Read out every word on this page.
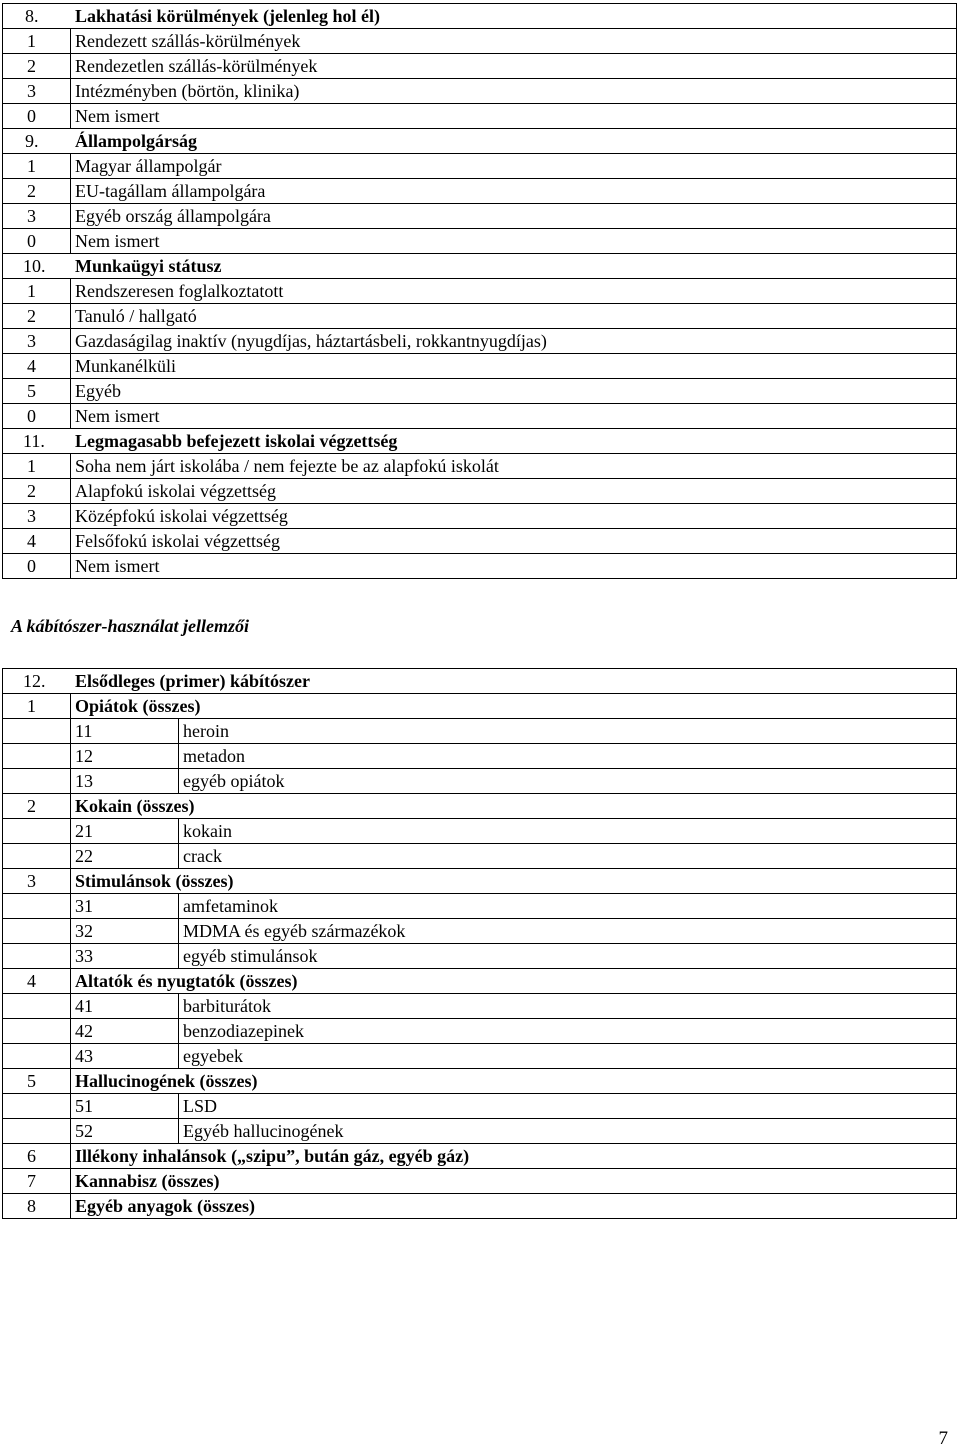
8. Lakhatási körülmények (jelenleg hol él)		
1	Rendezett szállás-körülmények	
2	Rendezetlen szállás-körülmények	
3	Intézményben (börtön, klinika)	
0	Nem ismert	
9. Állampolgárság		
1	Magyar állampolgár	
2	EU-tagállam állampolgára	
3	Egyéb ország állampolgára	
0	Nem ismert	
10. Munkaügyi státusz		
1	Rendszeresen foglalkoztatott	
2	Tanuló / hallgató	
3	Gazdaságilag inaktív (nyugdíjas, háztartásbeli, rokkantnyugdíjas)	
4	Munkanélküli	
5	Egyéb	
0	Nem ismert	
11. Legmagasabb befejezett iskolai végzettség		
1	Soha nem járt iskolába / nem fejezte be az alapfokú iskolát	
2	Alapfokú iskolai végzettség	
3	Középfokú iskolai végzettség	
4	Felsőfokú iskolai végzettség	
0	Nem ismert	

A kábítószer-használat jellemzői

12. Elsődleges (primer) kábítószer		
1	Opiátok (összes)	
	11	heroin
	12	metadon
	13	egyéb opiátok
2	Kokain (összes)	
	21	kokain
	22	crack
3	Stimulánsok (összes)	
	31	amfetaminok
	32	MDMA és egyéb származékok
	33	egyéb stimulánsok
4	Altatók és nyugtatók (összes)	
	41	barbiturátok
	42	benzodiazepinek
	43	egyebek
5	Hallucinogének (összes)	
	51	LSD
	52	Egyéb hallucinogének
6	Illékony inhalánsok („szipu”, bután gáz, egyéb gáz)	
7	Kannabisz (összes)	
8	Egyéb anyagok (összes)	
7
